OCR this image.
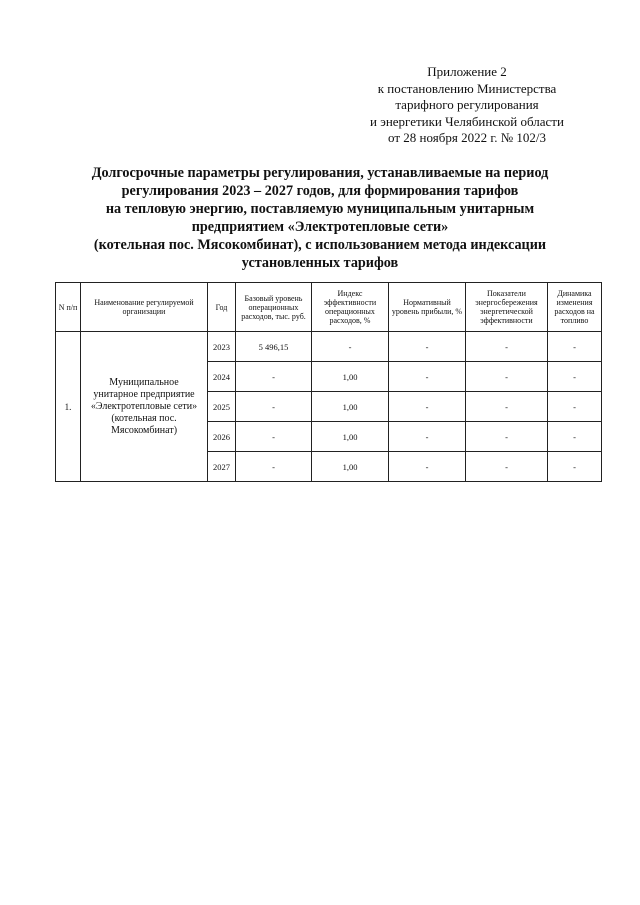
Приложение 2
к постановлению Министерства
тарифного регулирования
и энергетики Челябинской области
от 28 ноября 2022 г. № 102/3
Долгосрочные параметры регулирования, устанавливаемые на период
регулирования 2023 – 2027 годов, для формирования тарифов
на тепловую энергию, поставляемую муниципальным унитарным
предприятием «Электротепловые сети»
(котельная пос. Мясокомбинат), с использованием метода индексации
установленных тарифов
N п/п	Наименование регулируемой организации	Год	Базовый уровень операционных расходов, тыс. руб.	Индекс эффективности операционных расходов, %	Нормативный уровень прибыли, %	Показатели энергосбережения энергетической эффективности	Динамика изменения расходов на топливо
1.	Муниципальное унитарное предприятие «Электротепловые сети» (котельная пос. Мясокомбинат)	2023	5 496,15	-	-	-	-
		2024	-	1,00	-	-	-
		2025	-	1,00	-	-	-
		2026	-	1,00	-	-	-
		2027	-	1,00	-	-	-
